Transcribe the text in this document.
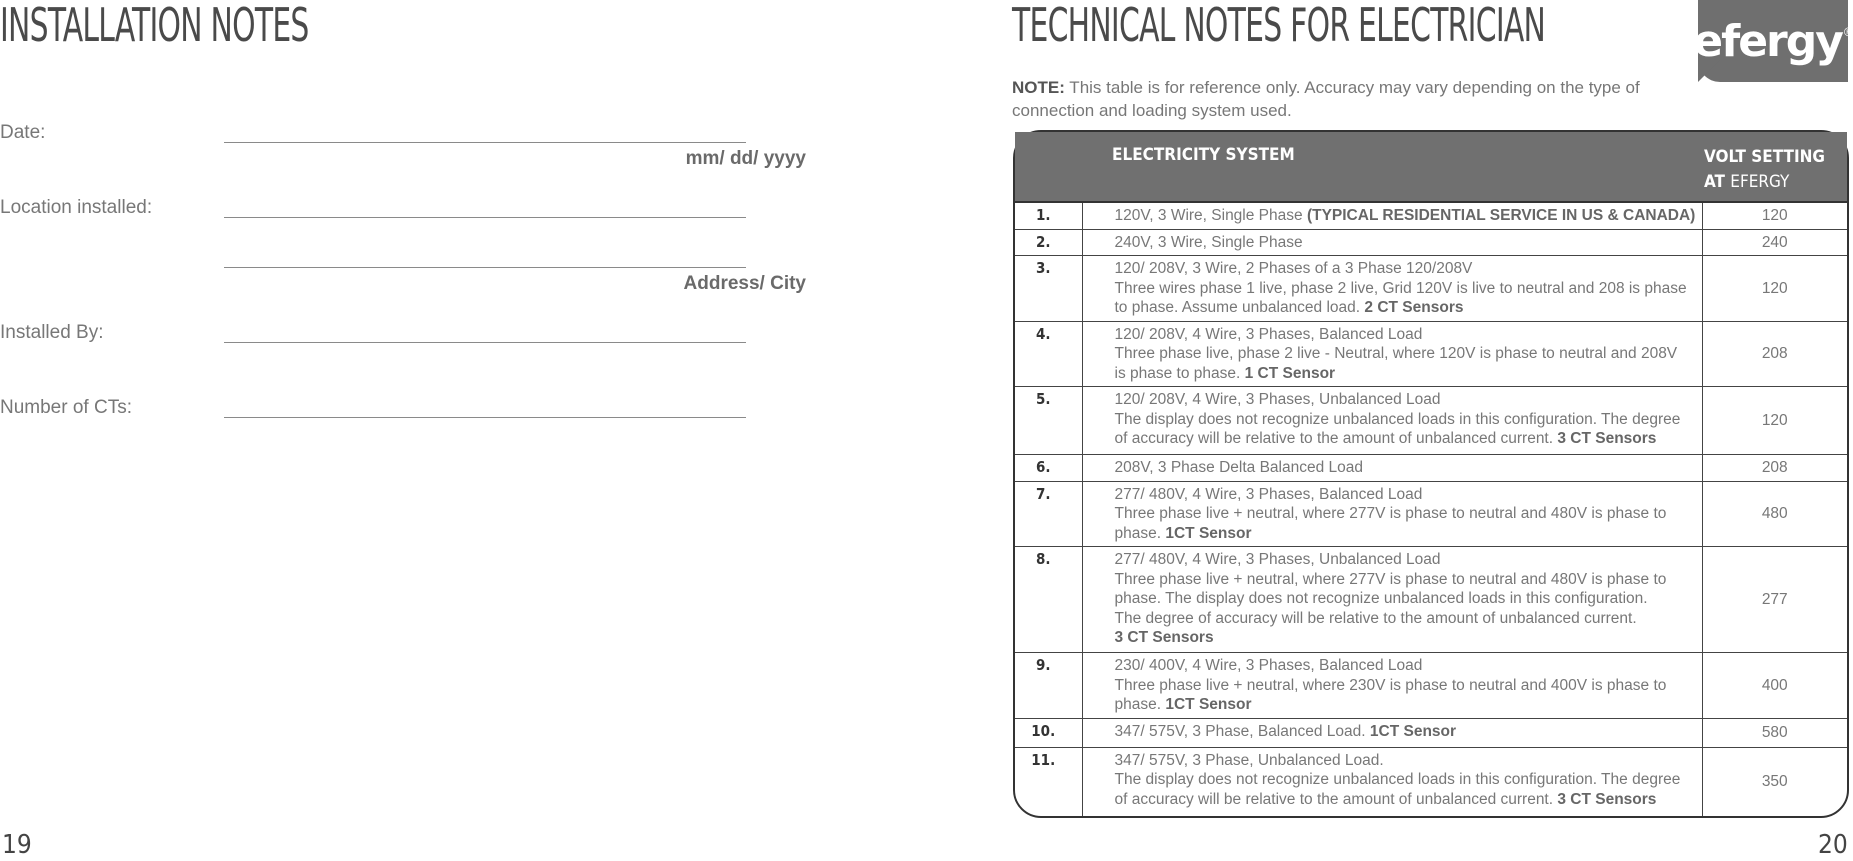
INSTALLATION NOTES
Date:
mm/ dd/ yyyy
Location installed:
Address/ City
Installed By:
Number of CTs:
19
TECHNICAL NOTES FOR ELECTRICIAN	efergy ®
NOTE: This table is for reference only. Accuracy may vary depending on the type of connection and loading system used.
	ELECTRICITY SYSTEM	VOLT SETTING
AT EFERGY
1.	120V, 3 Wire, Single Phase (TYPICAL RESIDENTIAL SERVICE IN US & CANADA)	120
2.	240V, 3 Wire, Single Phase	240
3.	120/ 208V, 3 Wire, 2 Phases of a 3 Phase 120/208V
Three wires phase 1 live, phase 2 live, Grid 120V is live to neutral and 208 is phase
to phase. Assume unbalanced load. 2 CT Sensors	120
4.	120/ 208V, 4 Wire, 3 Phases, Balanced Load
Three phase live, phase 2 live - Neutral, where 120V is phase to neutral and 208V
is phase to phase. 1 CT Sensor	208
5.	120/ 208V, 4 Wire, 3 Phases, Unbalanced Load
The display does not recognize unbalanced loads in this configuration. The degree
of accuracy will be relative to the amount of unbalanced current. 3 CT Sensors	120
6.	208V, 3 Phase Delta Balanced Load	208
7.	277/ 480V, 4 Wire, 3 Phases, Balanced Load
Three phase live + neutral, where 277V is phase to neutral and 480V is phase to
phase. 1CT Sensor	480
8.	277/ 480V, 4 Wire, 3 Phases, Unbalanced Load
Three phase live + neutral, where 277V is phase to neutral and 480V is phase to
phase. The display does not recognize unbalanced loads in this configuration.
The degree of accuracy will be relative to the amount of unbalanced current.
3 CT Sensors	277
9.	230/ 400V, 4 Wire, 3 Phases, Balanced Load
Three phase live + neutral, where 230V is phase to neutral and 400V is phase to
phase. 1CT Sensor	400
10.	347/ 575V, 3 Phase, Balanced Load. 1CT Sensor	580
11.	347/ 575V, 3 Phase, Unbalanced Load.
The display does not recognize unbalanced loads in this configuration. The degree
of accuracy will be relative to the amount of unbalanced current. 3 CT Sensors	350
20
